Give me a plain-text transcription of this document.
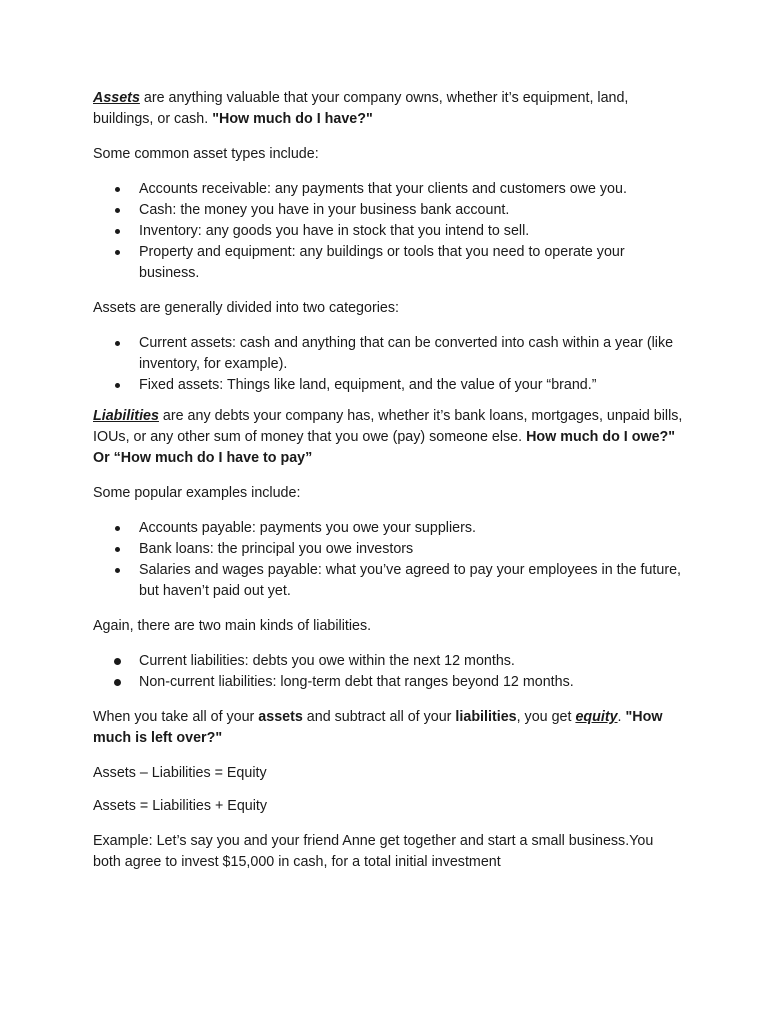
Assets are anything valuable that your company owns, whether it’s equipment, land, buildings, or cash. "How much do I have?"

Some common asset types include:

Accounts receivable: any payments that your clients and customers owe you.
Cash: the money you have in your business bank account.
Inventory: any goods you have in stock that you intend to sell.
Property and equipment: any buildings or tools that you need to operate your business.

Assets are generally divided into two categories:

Current assets: cash and anything that can be converted into cash within a year (like inventory, for example).
Fixed assets: Things like land, equipment, and the value of your “brand.”

Liabilities are any debts your company has, whether it’s bank loans, mortgages, unpaid bills, IOUs, or any other sum of money that you owe (pay) someone else. How much do I owe?" Or “How much do I have to pay”

Some popular examples include:

Accounts payable: payments you owe your suppliers.
Bank loans: the principal you owe investors
Salaries and wages payable: what you’ve agreed to pay your employees in the future, but haven’t paid out yet.

Again, there are two main kinds of liabilities.

Current liabilities: debts you owe within the next 12 months.
Non-current liabilities: long-term debt that ranges beyond 12 months.

When you take all of your assets and subtract all of your liabilities, you get equity. "How much is left over?"

Assets – Liabilities = Equity

Assets = Liabilities + Equity

Example: Let’s say you and your friend Anne get together and start a small business.You both agree to invest $15,000 in cash, for a total initial investment
